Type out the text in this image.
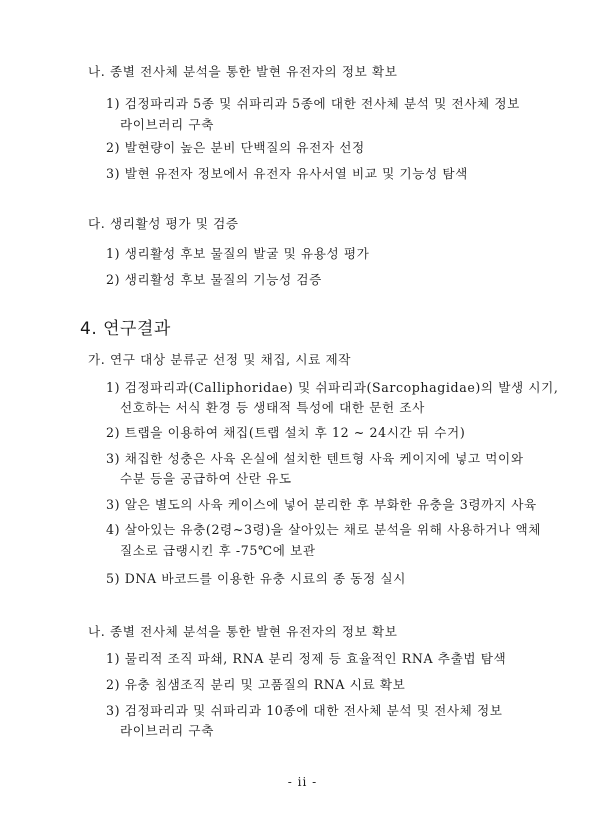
나. 종별 전사체 분석을 통한 발현 유전자의 정보 확보
1) 검정파리과 5종 및 쉬파리과 5종에 대한 전사체 분석 및 전사체 정보
라이브러리 구축
2) 발현량이 높은 분비 단백질의 유전자 선정
3) 발현 유전자 정보에서 유전자 유사서열 비교 및 기능성 탐색
다. 생리활성 평가 및 검증
1) 생리활성 후보 물질의 발굴 및 유용성 평가
2) 생리활성 후보 물질의 기능성 검증
4. 연구결과
가. 연구 대상 분류군 선정 및 채집, 시료 제작
1) 검정파리과(Calliphoridae) 및 쉬파리과(Sarcophagidae)의 발생 시기,
선호하는 서식 환경 등 생태적 특성에 대한 문헌 조사
2) 트랩을 이용하여 채집(트랩 설치 후 12 ~ 24시간 뒤 수거)
3) 채집한 성충은 사육 온실에 설치한 텐트형 사육 케이지에 넣고 먹이와
수분 등을 공급하여 산란 유도
3) 알은 별도의 사육 케이스에 넣어 분리한 후 부화한 유충을 3령까지 사육
4) 살아있는 유충(2령~3령)을 살아있는 채로 분석을 위해 사용하거나 액체
질소로 급랭시킨 후 -75℃에 보관
5) DNA 바코드를 이용한 유충 시료의 종 동정 실시
나. 종별 전사체 분석을 통한 발현 유전자의 정보 확보
1) 물리적 조직 파쇄, RNA 분리 정제 등 효율적인 RNA 추출법 탐색
2) 유충 침샘조직 분리 및 고품질의 RNA 시료 확보
3) 검정파리과 및 쉬파리과 10종에 대한 전사체 분석 및 전사체 정보
라이브러리 구축
- ii -
